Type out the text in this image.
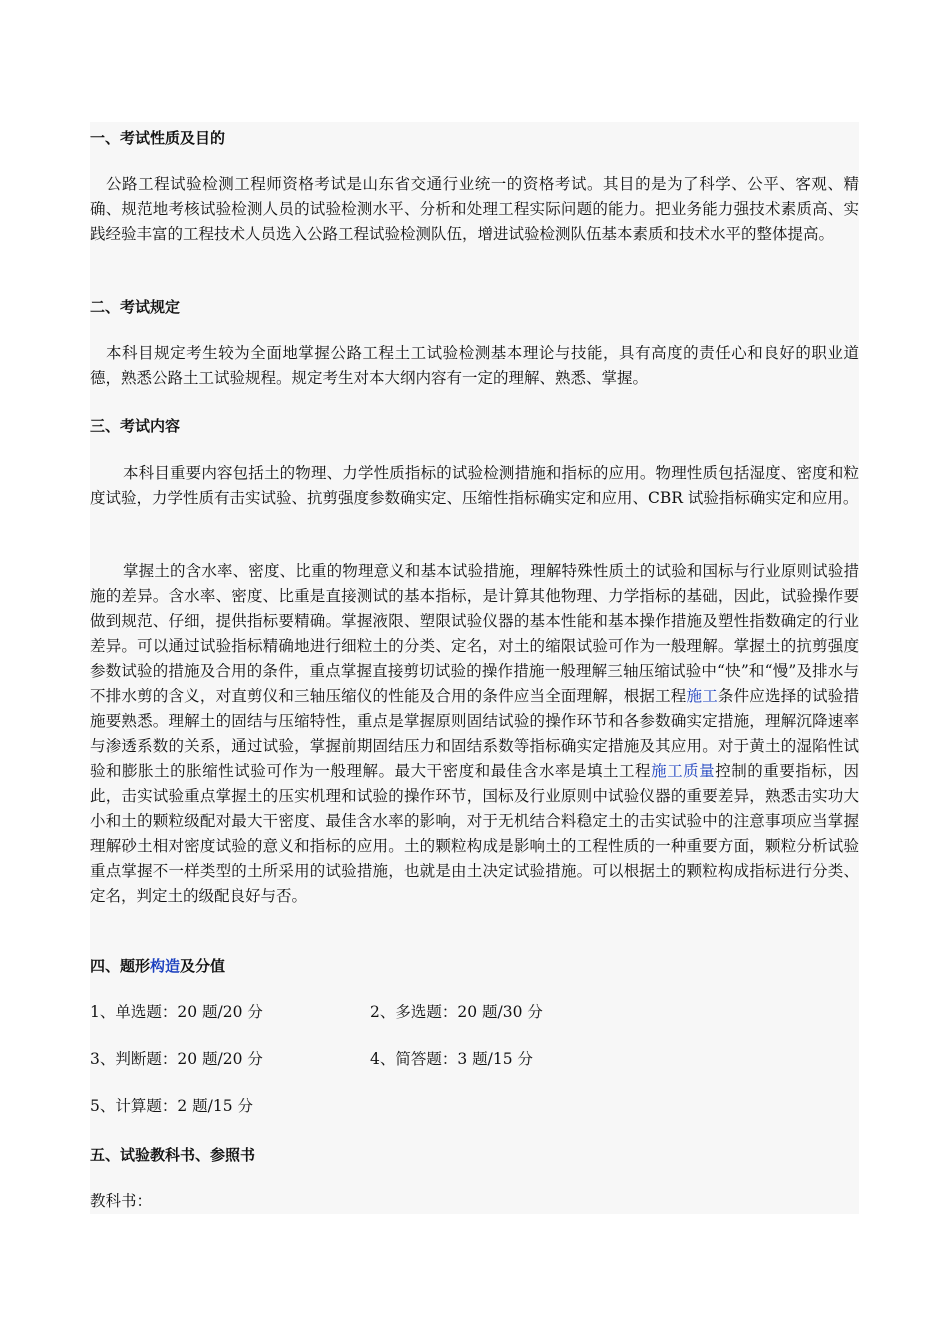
一、考试性质及目的
公路工程试验检测工程师资格考试是山东省交通行业统一的资格考试。其目的是为了科学、公平、客观、精确、规范地考核试验检测人员的试验检测水平、分析和处理工程实际问题的能力。把业务能力强技术素质高、实践经验丰富的工程技术人员选入公路工程试验检测队伍，增进试验检测队伍基本素质和技术水平的整体提高。
二、考试规定
本科目规定考生较为全面地掌握公路工程土工试验检测基本理论与技能，具有高度的责任心和良好的职业道德，熟悉公路土工试验规程。规定考生对本大纲内容有一定的理解、熟悉、掌握。
三、考试内容
本科目重要内容包括土的物理、力学性质指标的试验检测措施和指标的应用。物理性质包括湿度、密度和粒度试验，力学性质有击实试验、抗剪强度参数确实定、压缩性指标确实定和应用、CBR 试验指标确实定和应用。
掌握土的含水率、密度、比重的物理意义和基本试验措施，理解特殊性质土的试验和国标与行业原则试验措施的差异。含水率、密度、比重是直接测试的基本指标，是计算其他物理、力学指标的基础，因此，试验操作要做到规范、仔细，提供指标要精确。掌握液限、塑限试验仪器的基本性能和基本操作措施及塑性指数确定的行业差异。可以通过试验指标精确地进行细粒土的分类、定名，对土的缩限试验可作为一般理解。掌握土的抗剪强度参数试验的措施及合用的条件，重点掌握直接剪切试验的操作措施一般理解三轴压缩试验中“快”和“慢”及排水与不排水剪的含义，对直剪仪和三轴压缩仪的性能及合用的条件应当全面理解，根据工程施工条件应选择的试验措施要熟悉。理解土的固结与压缩特性，重点是掌握原则固结试验的操作环节和各参数确实定措施，理解沉降速率与渗透系数的关系，通过试验，掌握前期固结压力和固结系数等指标确实定措施及其应用。对于黄土的湿陷性试验和膨胀土的胀缩性试验可作为一般理解。最大干密度和最佳含水率是填土工程施工质量控制的重要指标，因此，击实试验重点掌握土的压实机理和试验的操作环节，国标及行业原则中试验仪器的重要差异，熟悉击实功大小和土的颗粒级配对最大干密度、最佳含水率的影响，对于无机结合料稳定土的击实试验中的注意事项应当掌握理解砂土相对密度试验的意义和指标的应用。土的颗粒构成是影响土的工程性质的一种重要方面，颗粒分析试验重点掌握不一样类型的土所采用的试验措施，也就是由土决定试验措施。可以根据土的颗粒构成指标进行分类、定名，判定土的级配良好与否。
四、题形构造及分值
1、单选题：20 题/20 分	2、多选题：20 题/30 分
3、判断题：20 题/20 分	4、简答题：3 题/15 分
5、计算题：2 题/15 分
五、试验教科书、参照书
教科书：
